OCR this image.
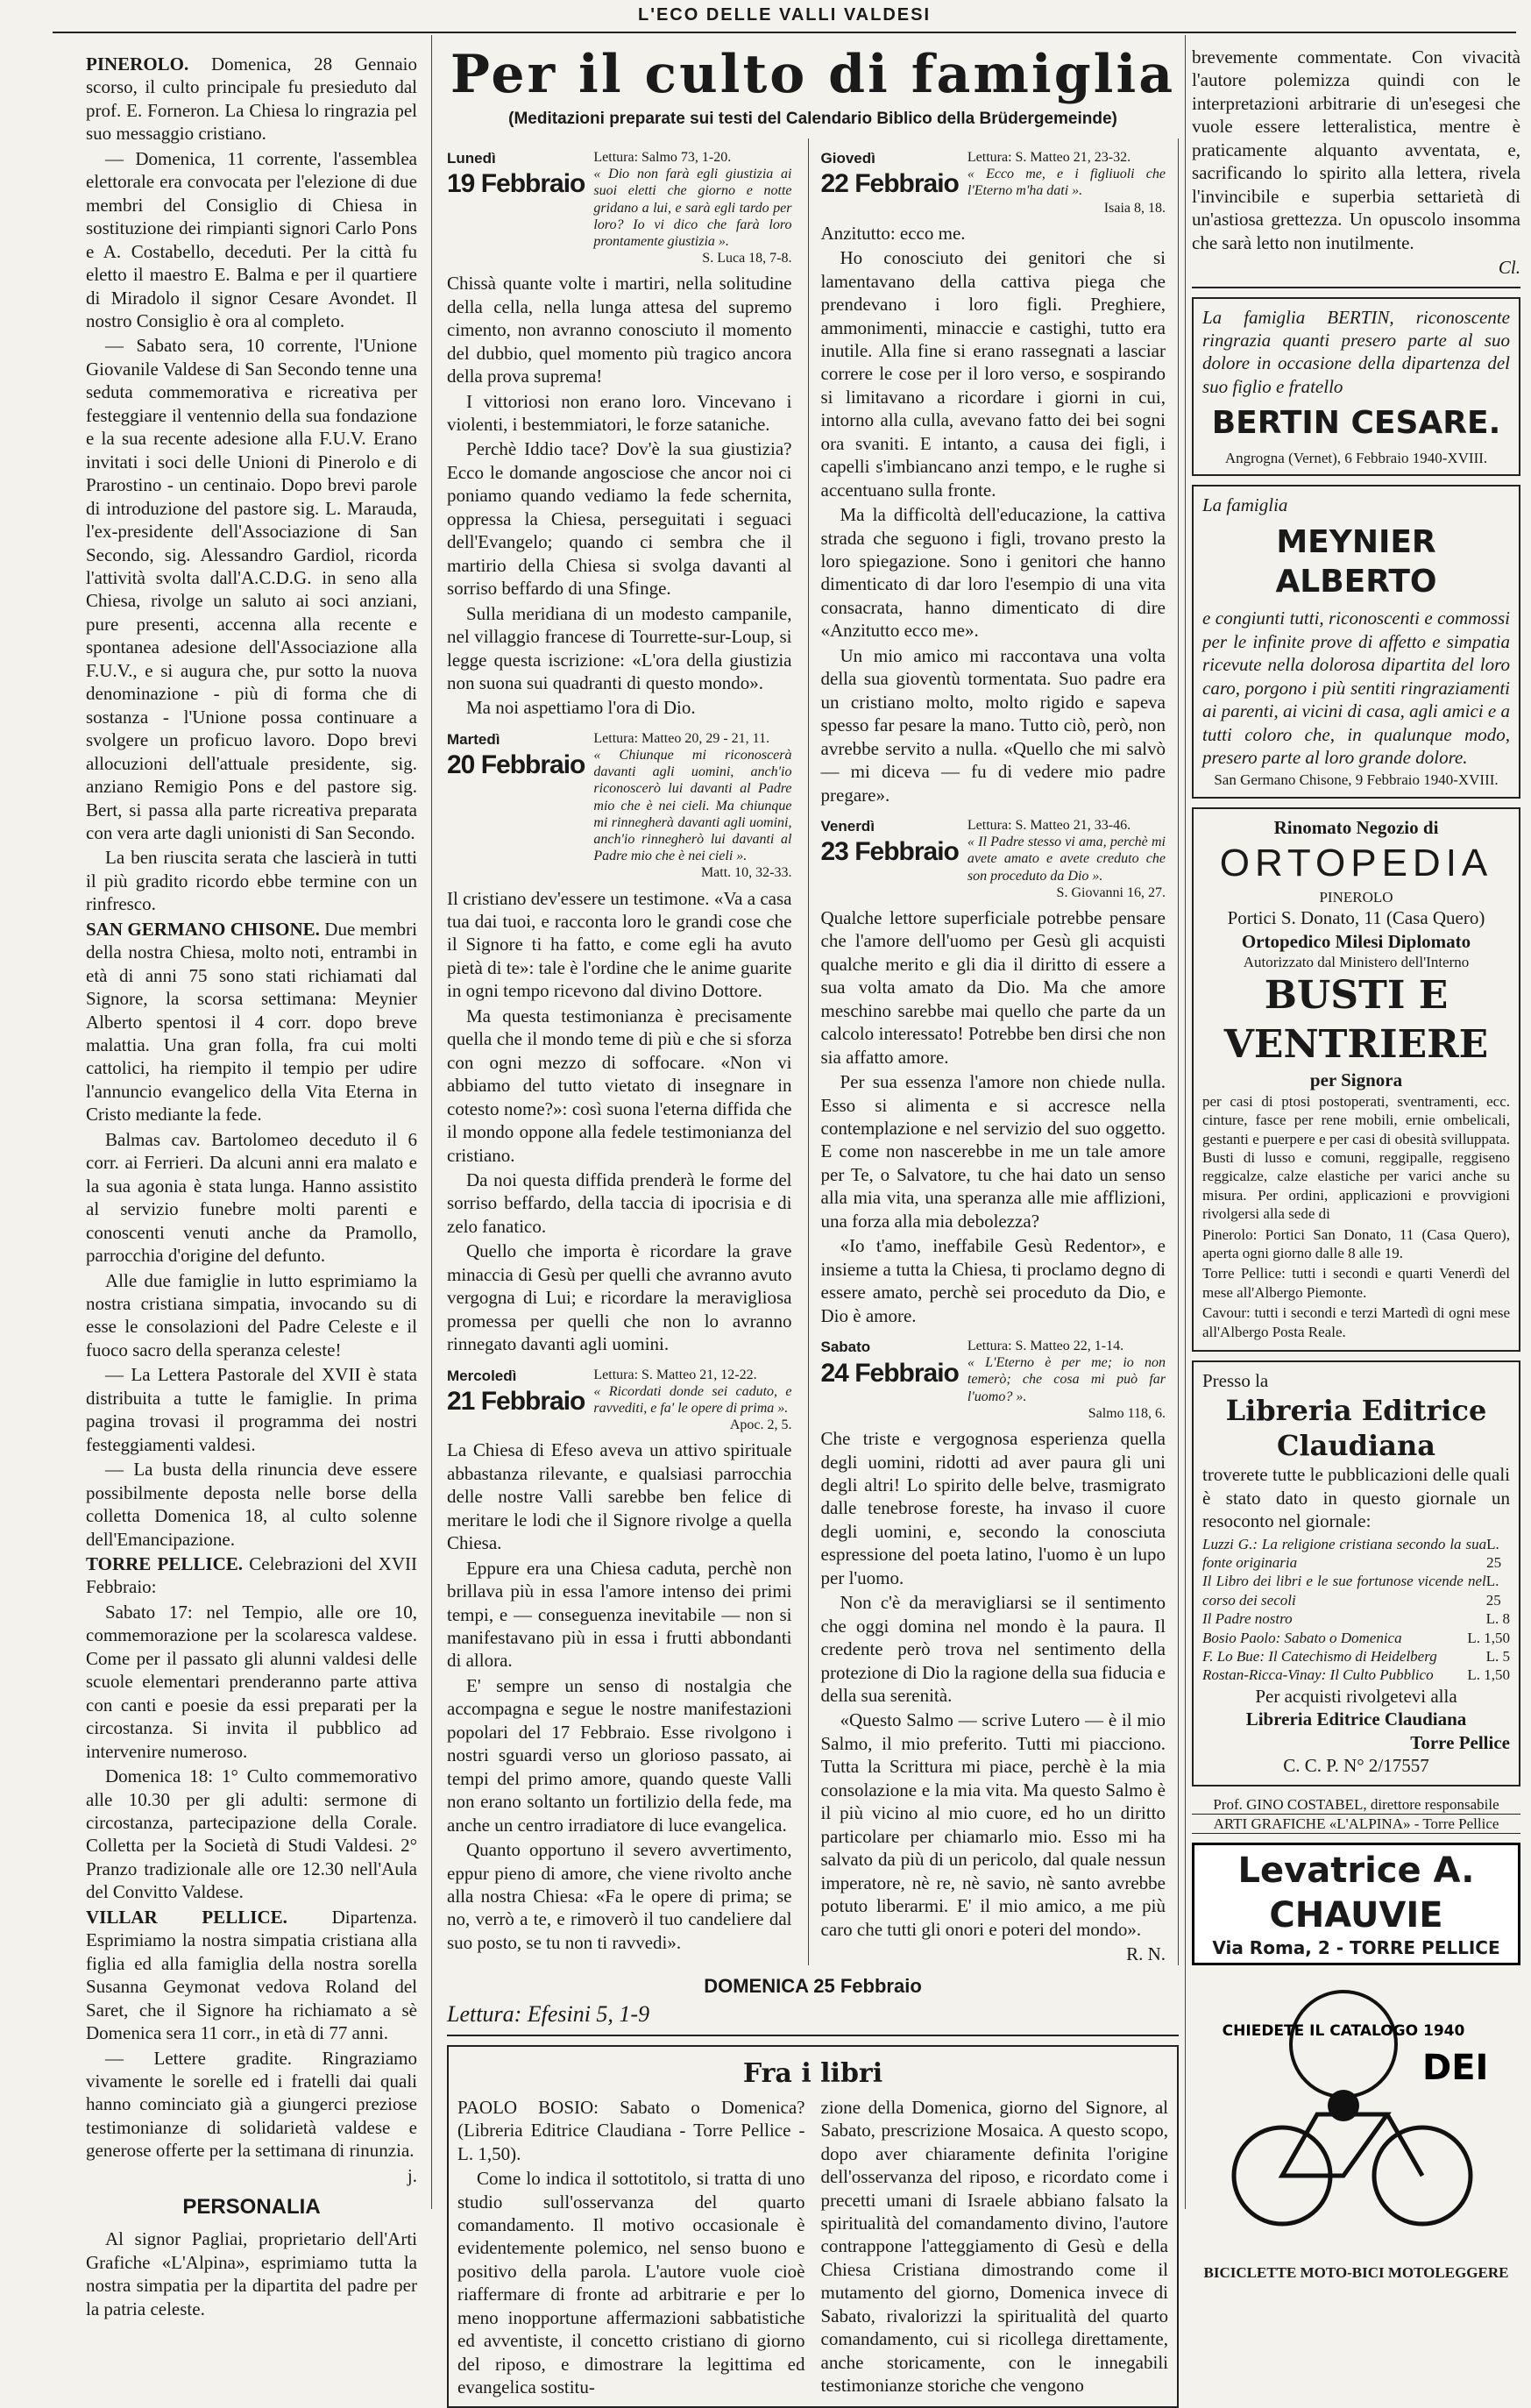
L'ECO DELLE VALLI VALDESI

PINEROLO. Domenica, 28 Gennaio scorso, il culto principale fu presieduto dal prof. E. Forneron. La Chiesa lo ringrazia pel suo messaggio cristiano.

— Domenica, 11 corrente, l'assemblea elettorale era convocata per l'elezione di due membri del Consiglio di Chiesa in sostituzione dei rimpianti signori Carlo Pons e A. Costabello, deceduti. Per la città fu eletto il maestro E. Balma e per il quartiere di Miradolo il signor Cesare Avondet. Il nostro Consiglio è ora al completo.

— Sabato sera, 10 corrente, l'Unione Giovanile Valdese di San Secondo tenne una seduta commemorativa e ricreativa per festeggiare il ventennio della sua fondazione e la sua recente adesione alla F.U.V. Erano invitati i soci delle Unioni di Pinerolo e di Prarostino - un centinaio. Dopo brevi parole di introduzione del pastore sig. L. Marauda, l'ex-presidente dell'Associazione di San Secondo, sig. Alessandro Gardiol, ricorda l'attività svolta dall'A.C.D.G. in seno alla Chiesa, rivolge un saluto ai soci anziani, pure presenti, accenna alla recente e spontanea adesione dell'Associazione alla F.U.V., e si augura che, pur sotto la nuova denominazione - più di forma che di sostanza - l'Unione possa continuare a svolgere un proficuo lavoro. Dopo brevi allocuzioni dell'attuale presidente, sig. anziano Remigio Pons e del pastore sig. Bert, si passa alla parte ricreativa preparata con vera arte dagli unionisti di San Secondo.

La ben riuscita serata che lascierà in tutti il più gradito ricordo ebbe termine con un rinfresco.

SAN GERMANO CHISONE. Due membri della nostra Chiesa, molto noti, entrambi in età di anni 75 sono stati richiamati dal Signore, la scorsa settimana: Meynier Alberto spentosi il 4 corr. dopo breve malattia. Una gran folla, fra cui molti cattolici, ha riempito il tempio per udire l'annuncio evangelico della Vita Eterna in Cristo mediante la fede.

Balmas cav. Bartolomeo deceduto il 6 corr. ai Ferrieri. Da alcuni anni era malato e la sua agonia è stata lunga. Hanno assistito al servizio funebre molti parenti e conoscenti venuti anche da Pramollo, parrocchia d'origine del defunto.

Alle due famiglie in lutto esprimiamo la nostra cristiana simpatia, invocando su di esse le consolazioni del Padre Celeste e il fuoco sacro della speranza celeste!

— La Lettera Pastorale del XVII è stata distribuita a tutte le famiglie. In prima pagina trovasi il programma dei nostri festeggiamenti valdesi.

— La busta della rinuncia deve essere possibilmente deposta nelle borse della colletta Domenica 18, al culto solenne dell'Emancipazione.

TORRE PELLICE. Celebrazioni del XVII Febbraio:

Sabato 17: nel Tempio, alle ore 10, commemorazione per la scolaresca valdese. Come per il passato gli alunni valdesi delle scuole elementari prenderanno parte attiva con canti e poesie da essi preparati per la circostanza. Si invita il pubblico ad intervenire numeroso.

Domenica 18: 1° Culto commemorativo alle 10.30 per gli adulti: sermone di circostanza, partecipazione della Corale. Colletta per la Società di Studi Valdesi. 2° Pranzo tradizionale alle ore 12.30 nell'Aula del Convitto Valdese.

VILLAR PELLICE. Dipartenza. Esprimiamo la nostra simpatia cristiana alla figlia ed alla famiglia della nostra sorella Susanna Geymonat vedova Roland del Saret, che il Signore ha richiamato a sè Domenica sera 11 corr., in età di 77 anni.

— Lettere gradite. Ringraziamo vivamente le sorelle ed i fratelli dai quali hanno cominciato già a giungerci preziose testimonianze di solidarietà valdese e generose offerte per la settimana di rinunzia.

j.
PERSONALIA

Al signor Pagliai, proprietario dell'Arti Grafiche «L'Alpina», esprimiamo tutta la nostra simpatia per la dipartita del padre per la patria celeste.

Per il culto di famiglia
(Meditazioni preparate sui testi del Calendario Biblico della Brüdergemeinde)
Lunedì
19 Febbraio
Lettura: Salmo 73, 1-20.
« Dio non farà egli giustizia ai suoi eletti che giorno e notte gridano a lui, e sarà egli tardo per loro? Io vi dico che farà loro prontamente giustizia ».
S. Luca 18, 7-8.

Chissà quante volte i martiri, nella solitudine della cella, nella lunga attesa del supremo cimento, non avranno conosciuto il momento del dubbio, quel momento più tragico ancora della prova suprema!

I vittoriosi non erano loro. Vincevano i violenti, i bestemmiatori, le forze sataniche.

Perchè Iddio tace? Dov'è la sua giustizia? Ecco le domande angosciose che ancor noi ci poniamo quando vediamo la fede schernita, oppressa la Chiesa, perseguitati i seguaci dell'Evangelo; quando ci sembra che il martirio della Chiesa si svolga davanti al sorriso beffardo di una Sfinge.

Sulla meridiana di un modesto campanile, nel villaggio francese di Tourrette-sur-Loup, si legge questa iscrizione: «L'ora della giustizia non suona sui quadranti di questo mondo».

Ma noi aspettiamo l'ora di Dio.

Martedì
20 Febbraio
Lettura: Matteo 20, 29 - 21, 11.
« Chiunque mi riconoscerà davanti agli uomini, anch'io riconoscerò lui davanti al Padre mio che è nei cieli. Ma chiunque mi rinnegherà davanti agli uomini, anch'io rinnegherò lui davanti al Padre mio che è nei cieli ».
Matt. 10, 32-33.

Il cristiano dev'essere un testimone. «Va a casa tua dai tuoi, e racconta loro le grandi cose che il Signore ti ha fatto, e come egli ha avuto pietà di te»: tale è l'ordine che le anime guarite in ogni tempo ricevono dal divino Dottore.

Ma questa testimonianza è precisamente quella che il mondo teme di più e che si sforza con ogni mezzo di soffocare. «Non vi abbiamo del tutto vietato di insegnare in cotesto nome?»: così suona l'eterna diffida che il mondo oppone alla fedele testimonianza del cristiano.

Da noi questa diffida prenderà le forme del sorriso beffardo, della taccia di ipocrisia e di zelo fanatico.

Quello che importa è ricordare la grave minaccia di Gesù per quelli che avranno avuto vergogna di Lui; e ricordare la meravigliosa promessa per quelli che non lo avranno rinnegato davanti agli uomini.

Mercoledì
21 Febbraio
Lettura: S. Matteo 21, 12-22.
« Ricordati donde sei caduto, e ravvediti, e fa' le opere di prima ».
Apoc. 2, 5.

La Chiesa di Efeso aveva un attivo spirituale abbastanza rilevante, e qualsiasi parrocchia delle nostre Valli sarebbe ben felice di meritare le lodi che il Signore rivolge a quella Chiesa.

Eppure era una Chiesa caduta, perchè non brillava più in essa l'amore intenso dei primi tempi, e — conseguenza inevitabile — non si manifestavano più in essa i frutti abbondanti di allora.

E' sempre un senso di nostalgia che accompagna e segue le nostre manifestazioni popolari del 17 Febbraio. Esse rivolgono i nostri sguardi verso un glorioso passato, ai tempi del primo amore, quando queste Valli non erano soltanto un fortilizio della fede, ma anche un centro irradiatore di luce evangelica.

Quanto opportuno il severo avvertimento, eppur pieno di amore, che viene rivolto anche alla nostra Chiesa: «Fa le opere di prima; se no, verrò a te, e rimoverò il tuo candeliere dal suo posto, se tu non ti ravvedi».

Giovedì
22 Febbraio
Lettura: S. Matteo 21, 23-32.
« Ecco me, e i figliuoli che l'Eterno m'ha dati ».
Isaia 8, 18.

Anzitutto: ecco me.

Ho conosciuto dei genitori che si lamentavano della cattiva piega che prendevano i loro figli. Preghiere, ammonimenti, minaccie e castighi, tutto era inutile. Alla fine si erano rassegnati a lasciar correre le cose per il loro verso, e sospirando si limitavano a ricordare i giorni in cui, intorno alla culla, avevano fatto dei bei sogni ora svaniti. E intanto, a causa dei figli, i capelli s'imbiancano anzi tempo, e le rughe si accentuano sulla fronte.

Ma la difficoltà dell'educazione, la cattiva strada che seguono i figli, trovano presto la loro spiegazione. Sono i genitori che hanno dimenticato di dar loro l'esempio di una vita consacrata, hanno dimenticato di dire «Anzitutto ecco me».

Un mio amico mi raccontava una volta della sua gioventù tormentata. Suo padre era un cristiano molto, molto rigido e sapeva spesso far pesare la mano. Tutto ciò, però, non avrebbe servito a nulla. «Quello che mi salvò — mi diceva — fu di vedere mio padre pregare».

Venerdì
23 Febbraio
Lettura: S. Matteo 21, 33-46.
« Il Padre stesso vi ama, perchè mi avete amato e avete creduto che son proceduto da Dio ».
S. Giovanni 16, 27.

Qualche lettore superficiale potrebbe pensare che l'amore dell'uomo per Gesù gli acquisti qualche merito e gli dia il diritto di essere a sua volta amato da Dio. Ma che amore meschino sarebbe mai quello che parte da un calcolo interessato! Potrebbe ben dirsi che non sia affatto amore.

Per sua essenza l'amore non chiede nulla. Esso si alimenta e si accresce nella contemplazione e nel servizio del suo oggetto. E come non nascerebbe in me un tale amore per Te, o Salvatore, tu che hai dato un senso alla mia vita, una speranza alle mie afflizioni, una forza alla mia debolezza?

«Io t'amo, ineffabile Gesù Redentor», e insieme a tutta la Chiesa, ti proclamo degno di essere amato, perchè sei proceduto da Dio, e Dio è amore.

Sabato
24 Febbraio
Lettura: S. Matteo 22, 1-14.
« L'Eterno è per me; io non temerò; che cosa mi può far l'uomo? ».
Salmo 118, 6.

Che triste e vergognosa esperienza quella degli uomini, ridotti ad aver paura gli uni degli altri! Lo spirito delle belve, trasmigrato dalle tenebrose foreste, ha invaso il cuore degli uomini, e, secondo la conosciuta espressione del poeta latino, l'uomo è un lupo per l'uomo.

Non c'è da meravigliarsi se il sentimento che oggi domina nel mondo è la paura. Il credente però trova nel sentimento della protezione di Dio la ragione della sua fiducia e della sua serenità.

«Questo Salmo — scrive Lutero — è il mio Salmo, il mio preferito. Tutti mi piacciono. Tutta la Scrittura mi piace, perchè è la mia consolazione e la mia vita. Ma questo Salmo è il più vicino al mio cuore, ed ho un diritto particolare per chiamarlo mio. Esso mi ha salvato da più di un pericolo, dal quale nessun imperatore, nè re, nè savio, nè santo avrebbe potuto liberarmi. E' il mio amico, a me più caro che tutti gli onori e poteri del mondo».

R. N.
DOMENICA 25 Febbraio
Lettura: Efesini 5, 1-9
Fra i libri

PAOLO BOSIO: Sabato o Domenica? (Libreria Editrice Claudiana - Torre Pellice - L. 1,50).

Come lo indica il sottotitolo, si tratta di uno studio sull'osservanza del quarto comandamento. Il motivo occasionale è evidentemente polemico, nel senso buono e positivo della parola. L'autore vuole cioè riaffermare di fronte ad arbitrarie e per lo meno inopportune affermazioni sabbatistiche ed avventiste, il concetto cristiano di giorno del riposo, e dimostrare la legittima ed evangelica sostitu-

zione della Domenica, giorno del Signore, al Sabato, prescrizione Mosaica. A questo scopo, dopo aver chiaramente definita l'origine dell'osservanza del riposo, e ricordato come i precetti umani di Israele abbiano falsato la spiritualità del comandamento divino, l'autore contrappone l'atteggiamento di Gesù e della Chiesa Cristiana dimostrando come il mutamento del giorno, Domenica invece di Sabato, rivalorizzi la spiritualità del quarto comandamento, cui si ricollega direttamente, anche storicamente, con le innegabili testimonianze storiche che vengono

brevemente commentate. Con vivacità l'autore polemizza quindi con le interpretazioni arbitrarie di un'esegesi che vuole essere letteralistica, mentre è praticamente alquanto avventata, e, sacrificando lo spirito alla lettera, rivela l'invincibile e superbia settarietà di un'astiosa grettezza. Un opuscolo insomma che sarà letto non inutilmente.

Cl.

La famiglia BERTIN, riconoscente ringrazia quanti presero parte al suo dolore in occasione della dipartenza del suo figlio e fratello

BERTIN CESARE.
Angrogna (Vernet), 6 Febbraio 1940-XVIII.

La famiglia

MEYNIER ALBERTO

e congiunti tutti, riconoscenti e commossi per le infinite prove di affetto e simpatia ricevute nella dolorosa dipartita del loro caro, porgono i più sentiti ringraziamenti ai parenti, ai vicini di casa, agli amici e a tutti coloro che, in qualunque modo, presero parte al loro grande dolore.

San Germano Chisone, 9 Febbraio 1940-XVIII.
Rinomato Negozio di
ORTOPEDIA
PINEROLO
Portici S. Donato, 11 (Casa Quero)
Ortopedico Milesi Diplomato
Autorizzato dal Ministero dell'Interno
BUSTI E VENTRIERE
per Signora

per casi di ptosi postoperati, sventramenti, ecc. cinture, fasce per rene mobili, ernie ombelicali, gestanti e puerpere e per casi di obesità svilluppata. Busti di lusso e comuni, reggipalle, reggiseno reggicalze, calze elastiche per varici anche su misura. Per ordini, applicazioni e provvigioni rivolgersi alla sede di

Pinerolo: Portici San Donato, 11 (Casa Quero), aperta ogni giorno dalle 8 alle 19.

Torre Pellice: tutti i secondi e quarti Venerdì del mese all'Albergo Piemonte.

Cavour: tutti i secondi e terzi Martedì di ogni mese all'Albergo Posta Reale.

Presso la
Libreria Editrice Claudiana

troverete tutte le pubblicazioni delle quali è stato dato in questo giornale un resoconto nel giornale:

Luzzi G.: La religione cristiana secondo la sua fonte originaria
L. 25
Il Libro dei libri e le sue fortunose vicende nel corso dei secoli
L. 25
Il Padre nostro	L. 8
Bosio Paolo: Sabato o Domenica	L. 1,50
F. Lo Bue: Il Catechismo di Heidelberg	L. 5
Rostan-Ricca-Vinay: Il Culto Pubblico L. 1,50
Per acquisti rivolgetevi alla
Libreria Editrice Claudiana
Torre Pellice
C. C. P. N° 2/17557
Prof. GINO COSTABEL, direttore responsabile
ARTI GRAFICHE «L'ALPINA» - Torre Pellice
Levatrice A. CHAUVIE
Via Roma, 2 - TORRE PELLICE
CHIEDETE IL CATALOGO 1940
DEI
BICICLETTE MOTO-BICI MOTOLEGGERE
